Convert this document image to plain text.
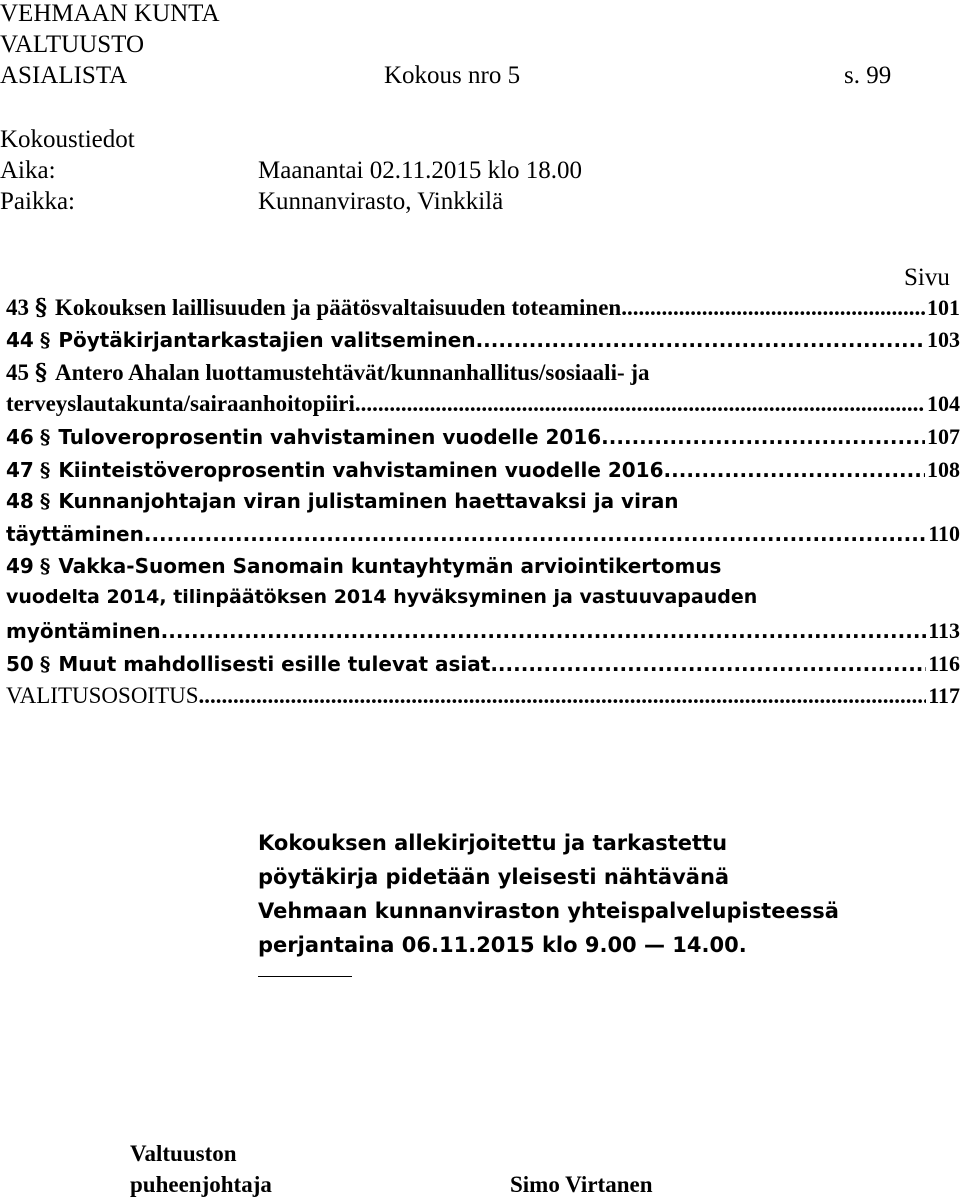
VEHMAAN KUNTA
VALTUUSTO
ASIALISTA	Kokous nro 5	s. 99
Kokoustiedot
Aika:	Maanantai 02.11.2015 klo 18.00
Paikka:	Kunnanvirasto, Vinkkilä
Sivu
43 § Kokouksen laillisuuden ja päätösvaltaisuuden toteaminen .....	101
44 § Pöytäkirjantarkastajien valitseminen .....	103
45 § Antero Ahalan luottamustehtävät/kunnanhallitus/sosiaali- ja
terveyslautakunta/sairaanhoitopiiri .....	104
46 § Tuloveroprosentin vahvistaminen vuodelle 2016 .....	107
47 § Kiinteistöveroprosentin vahvistaminen vuodelle 2016 .....	108
48 § Kunnanjohtajan viran julistaminen haettavaksi ja viran
täyttäminen .....	110
49 § Vakka-Suomen Sanomain kuntayhtymän arviointikertomus
vuodelta 2014, tilinpäätöksen 2014 hyväksyminen ja vastuuvapauden
myöntäminen .....	113
50 § Muut mahdollisesti esille tulevat asiat .....	116
VALITUSOSOITUS .....	117
Kokouksen allekirjoitettu ja tarkastettu
pöytäkirja pidetään yleisesti nähtävänä
Vehmaan kunnanviraston yhteispalvelupisteessä
perjantaina 06.11.2015 klo 9.00 — 14.00.
Valtuuston
puheenjohtaja	Simo Virtanen
